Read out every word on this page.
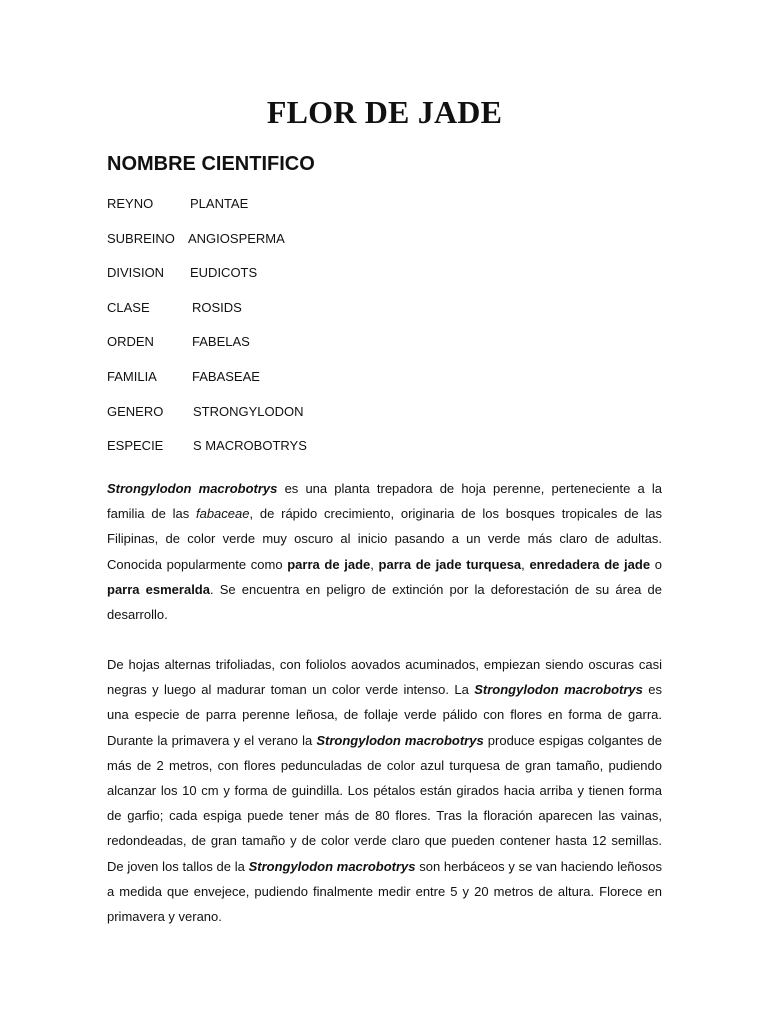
FLOR DE JADE
NOMBRE CIENTIFICO
REYNO	PLANTAE
SUBREINO ANGIOSPERMA
DIVISION EUDICOTS
CLASE	ROSIDS
ORDEN	FABELAS
FAMILIA	FABASEAE
GENERO STRONGYLODON
ESPECIE S MACROBOTRYS

Strongylodon macrobotrys es una planta trepadora de hoja perenne, perteneciente a la familia de las fabaceae, de rápido crecimiento, originaria de los bosques tropicales de las Filipinas, de color verde muy oscuro al inicio pasando a un verde más claro de adultas. Conocida popularmente como parra de jade, parra de jade turquesa, enredadera de jade o parra esmeralda. Se encuentra en peligro de extinción por la deforestación de su área de desarrollo.

De hojas alternas trifoliadas, con foliolos aovados acuminados, empiezan siendo oscuras casi negras y luego al madurar toman un color verde intenso. La Strongylodon macrobotrys es una especie de parra perenne leñosa, de follaje verde pálido con flores en forma de garra. Durante la primavera y el verano la Strongylodon macrobotrys produce espigas colgantes de más de 2 metros, con flores pedunculadas de color azul turquesa de gran tamaño, pudiendo alcanzar los 10 cm y forma de guindilla. Los pétalos están girados hacia arriba y tienen forma de garfio; cada espiga puede tener más de 80 flores. Tras la floración aparecen las vainas, redondeadas, de gran tamaño y de color verde claro que pueden contener hasta 12 semillas. De joven los tallos de la Strongylodon macrobotrys son herbáceos y se van haciendo leñosos a medida que envejece, pudiendo finalmente medir entre 5 y 20 metros de altura. Florece en primavera y verano.
